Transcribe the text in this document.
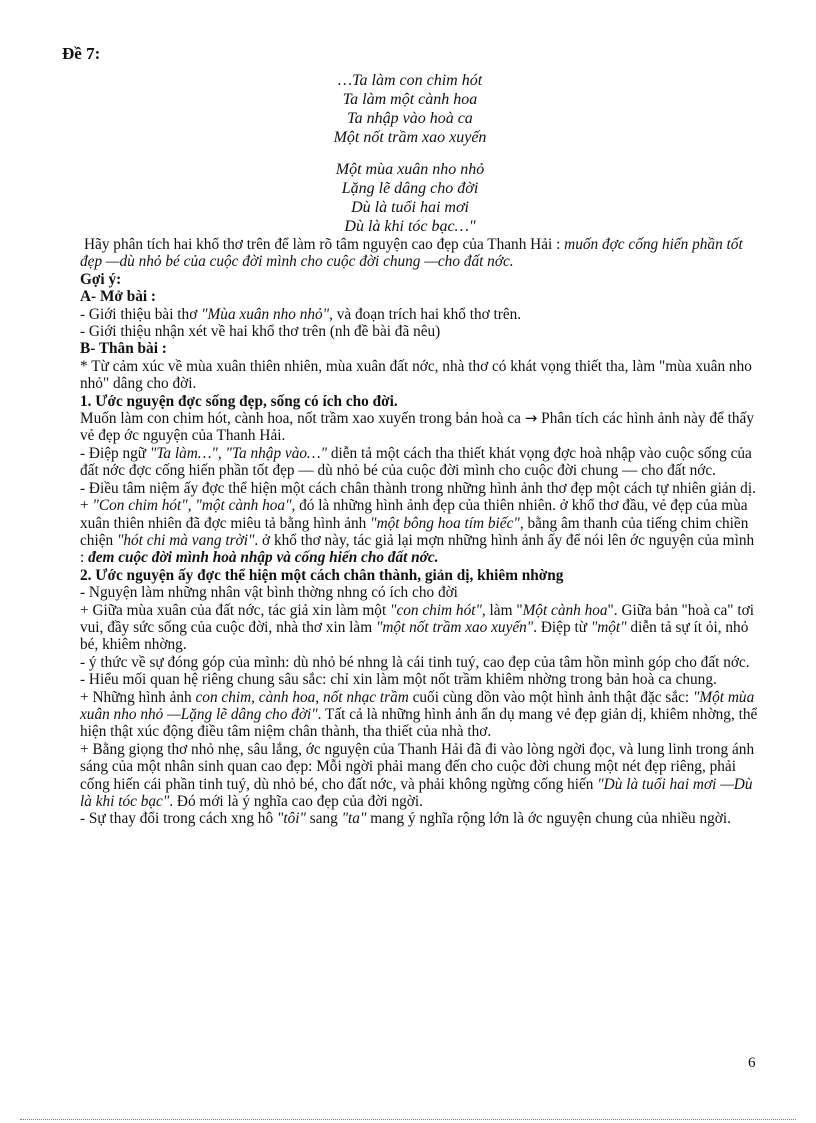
Đề 7:
…Ta làm con chim hót
Ta làm một cành hoa
Ta nhập vào hoà ca
Một nốt trầm xao xuyến
Một mùa xuân nho nhỏ
Lặng lẽ dâng cho đời
Dù là tuổi hai mơi
Dù là khi tóc bạc…"

Hãy phân tích hai khổ thơ trên để làm rõ tâm nguyện cao đẹp của Thanh Hải : muốn đợc cống hiến phần tốt đẹp —dù nhỏ bé của cuộc đời mình cho cuộc đời chung —cho đất nớc.

Gợi ý:

A- Mở bài :

- Giới thiệu bài thơ "Mùa xuân nho nhỏ", và đoạn trích hai khổ thơ trên.

- Giới thiệu nhận xét về hai khổ thơ trên (nh đề bài đã nêu)

B- Thân bài :

* Từ cảm xúc về mùa xuân thiên nhiên, mùa xuân đất nớc, nhà thơ có khát vọng thiết tha, làm "mùa xuân nho nhỏ" dâng cho đời.

1. Ước nguyện đợc sống đẹp, sống có ích cho đời.

Muốn làm con chim hót, cành hoa, nốt trầm xao xuyến trong bản hoà ca → Phân tích các hình ảnh này để thấy vẻ đẹp ớc nguyện của Thanh Hải.

- Điệp ngữ "Ta làm…", "Ta nhập vào…" diễn tả một cách tha thiết khát vọng đợc hoà nhập vào cuộc sống của đất nớc đợc cống hiến phần tốt đẹp — dù nhỏ bé của cuộc đời mình cho cuộc đời chung — cho đất nớc.

- Điều tâm niệm ấy đợc thể hiện một cách chân thành trong những hình ảnh thơ đẹp một cách tự nhiên giản dị.

+ "Con chim hót", "một cành hoa", đó là những hình ảnh đẹp của thiên nhiên. ở khổ thơ đầu, vẻ đẹp của mùa xuân thiên nhiên đã đợc miêu tả bằng hình ảnh "một bông hoa tím biếc", bằng âm thanh của tiếng chim chiền chiện "hót chi mà vang trời". ở khổ thơ này, tác giả lại mợn những hình ảnh ấy để nói lên ớc nguyện của mình : đem cuộc đời mình hoà nhập và cống hiến cho đất nớc.

2. Ước nguyện ấy đợc thể hiện một cách chân thành, giản dị, khiêm nhờng

- Nguyện làm những nhân vật bình thờng nhng có ích cho đời

+ Giữa mùa xuân của đất nớc, tác giả xin làm một "con chim hót", làm "Một cành hoa". Giữa bản "hoà ca" tơi vui, đầy sức sống của cuộc đời, nhà thơ xin làm "một nốt trầm xao xuyến". Điệp từ "một" diễn tả sự ít ỏi, nhỏ bé, khiêm nhờng.

- ý thức về sự đóng góp của mình: dù nhỏ bé nhng là cái tinh tuý, cao đẹp của tâm hồn mình góp cho đất nớc.

- Hiểu mối quan hệ riêng chung sâu sắc: chỉ xin làm một nốt trầm khiêm nhờng trong bản hoà ca chung.

+ Những hình ảnh con chim, cành hoa, nốt nhạc trầm cuối cùng dồn vào một hình ảnh thật đặc sắc: "Một mùa xuân nho nhỏ —Lặng lẽ dâng cho đời". Tất cả là những hình ảnh ẩn dụ mang vẻ đẹp giản dị, khiêm nhờng, thể hiện thật xúc động điều tâm niệm chân thành, tha thiết của nhà thơ.

+ Bằng giọng thơ nhỏ nhẹ, sâu lắng, ớc nguyện của Thanh Hải đã đi vào lòng ngời đọc, và lung linh trong ánh sáng của một nhân sinh quan cao đẹp: Mỗi ngời phải mang đến cho cuộc đời chung một nét đẹp riêng, phải cống hiến cái phần tinh tuý, dù nhỏ bé, cho đất nớc, và phải không ngừng cống hiến "Dù là tuổi hai mơi —Dù là khi tóc bạc". Đó mới là ý nghĩa cao đẹp của đời ngời.

- Sự thay đổi trong cách xng hô "tôi" sang "ta" mang ý nghĩa rộng lớn là ớc nguyện chung của nhiều ngời.

6
